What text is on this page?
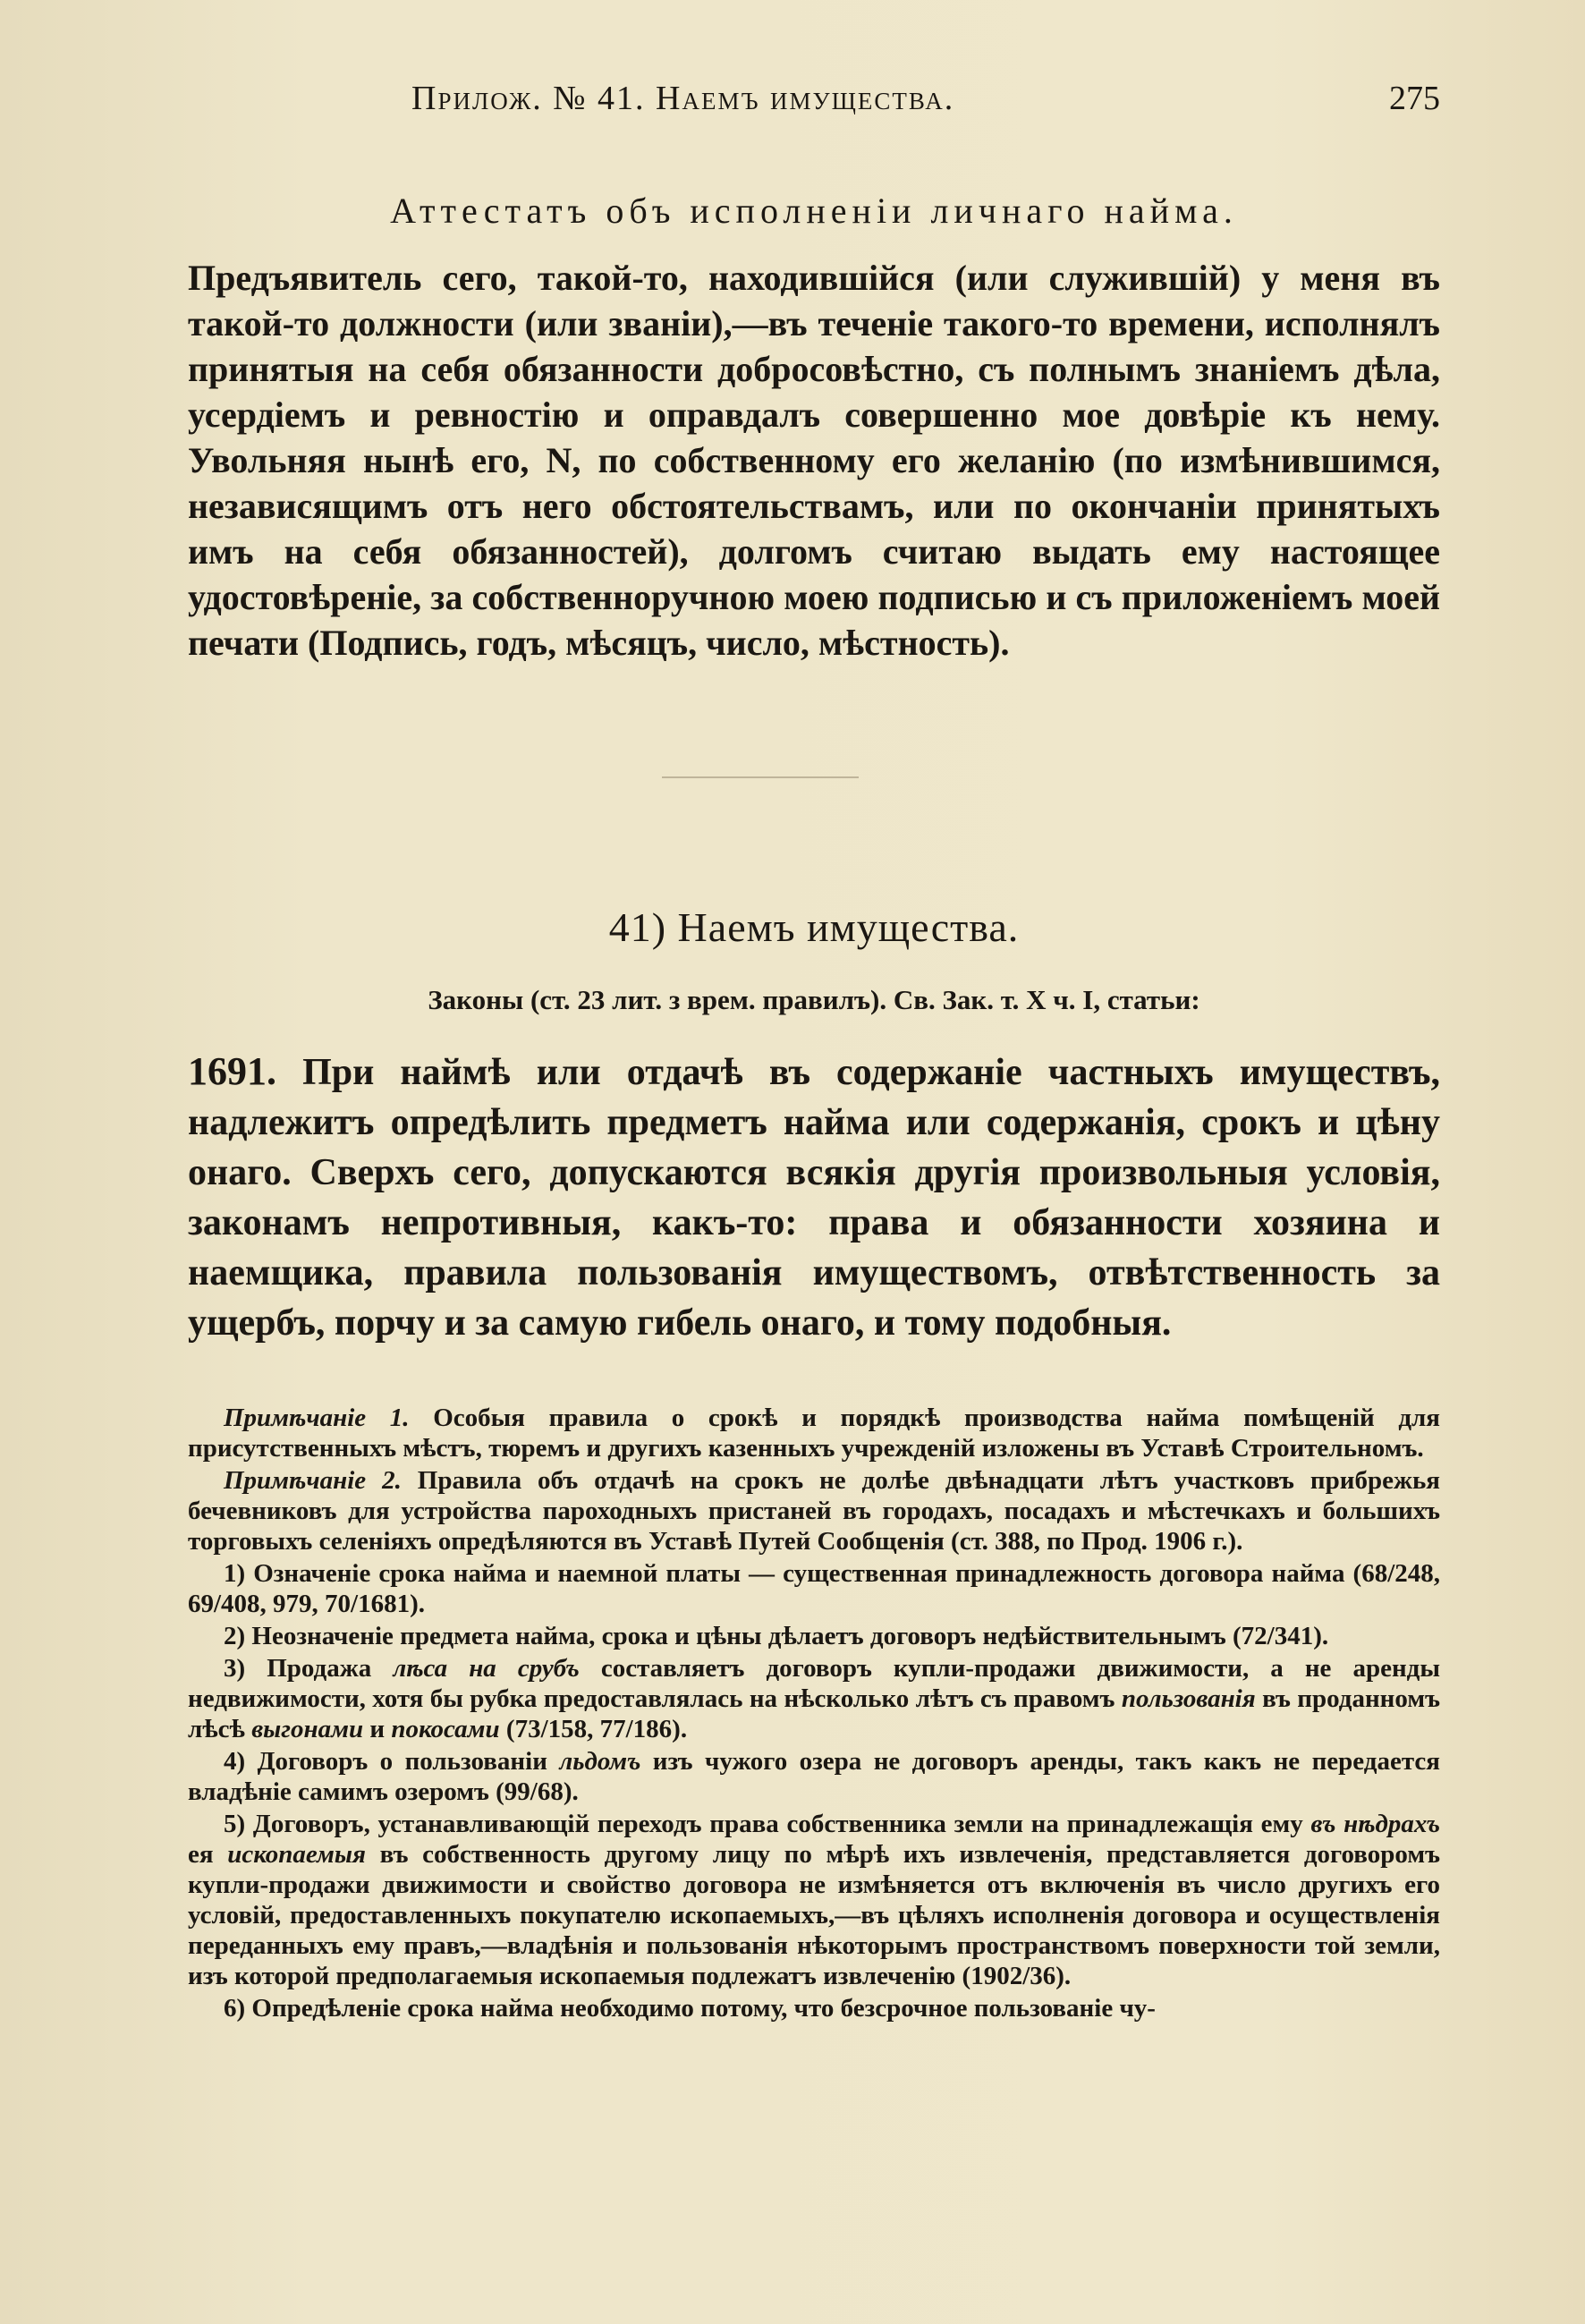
Прилож. № 41. Наемъ имущества.	275
Аттестатъ объ исполненіи личнаго найма.
Предъявитель сего, такой-то, находившійся (или служившій) у меня въ такой-то должности (или званіи),—въ теченіе такого-то времени, исполнялъ принятыя на себя обязанности добросовѣстно, съ полнымъ знаніемъ дѣла, усердіемъ и ревностію и оправдалъ совершенно мое довѣріе къ нему. Увольняя нынѣ его, N, по собственному его желанію (по измѣнившимся, независящимъ отъ него обстоятельствамъ, или по окончаніи принятыхъ имъ на себя обязанностей), долгомъ считаю выдать ему настоящее удостовѣреніе, за собственноручною моею подписью и съ приложеніемъ моей печати (Подпись, годъ, мѣсяцъ, число, мѣстность).
41) Наемъ имущества.
Законы (ст. 23 лит. з врем. правилъ). Св. Зак. т. X ч. I, статьи:
1691. При наймѣ или отдачѣ въ содержаніе частныхъ имуществъ, надлежитъ опредѣлить предметъ найма или содержанія, срокъ и цѣну онаго. Сверхъ сего, допускаются всякія другія произвольныя условія, законамъ непротивныя, какъ-то: права и обязанности хозяина и наемщика, правила пользованія имуществомъ, отвѣтственность за ущербъ, порчу и за самую гибель онаго, и тому подобныя.

Примѣчаніе 1. Особыя правила о срокѣ и порядкѣ производства найма помѣщеній для присутственныхъ мѣстъ, тюремъ и другихъ казенныхъ учрежденій изложены въ Уставѣ Строительномъ.

Примѣчаніе 2. Правила объ отдачѣ на срокъ не долѣе двѣнадцати лѣтъ участковъ прибрежья бечевниковъ для устройства пароходныхъ пристаней въ городахъ, посадахъ и мѣстечкахъ и большихъ торговыхъ селеніяхъ опредѣляются въ Уставѣ Путей Сообщенія (ст. 388, по Прод. 1906 г.).

1) Означеніе срока найма и наемной платы — существенная принадлежность договора найма (68/248, 69/408, 979, 70/1681).

2) Неозначеніе предмета найма, срока и цѣны дѣлаетъ договоръ недѣйствительнымъ (72/341).

3) Продажа лѣса на срубъ составляетъ договоръ купли-продажи движимости, а не аренды недвижимости, хотя бы рубка предоставлялась на нѣсколько лѣтъ съ правомъ пользованія въ проданномъ лѣсѣ выгонами и покосами (73/158, 77/186).

4) Договоръ о пользованіи льдомъ изъ чужого озера не договоръ аренды, такъ какъ не передается владѣніе самимъ озеромъ (99/68).

5) Договоръ, устанавливающій переходъ права собственника земли на принадлежащія ему въ нѣдрахъ ея ископаемыя въ собственность другому лицу по мѣрѣ ихъ извлеченія, представляется договоромъ купли-продажи движимости и свойство договора не измѣняется отъ включенія въ число другихъ его условій, предоставленныхъ покупателю ископаемыхъ,—въ цѣляхъ исполненія договора и осуществленія переданныхъ ему правъ,—владѣнія и пользованія нѣкоторымъ пространствомъ поверхности той земли, изъ которой предполагаемыя ископаемыя подлежатъ извлеченію (1902/36).

6) Опредѣленіе срока найма необходимо потому, что безсрочное пользованіе чу-
